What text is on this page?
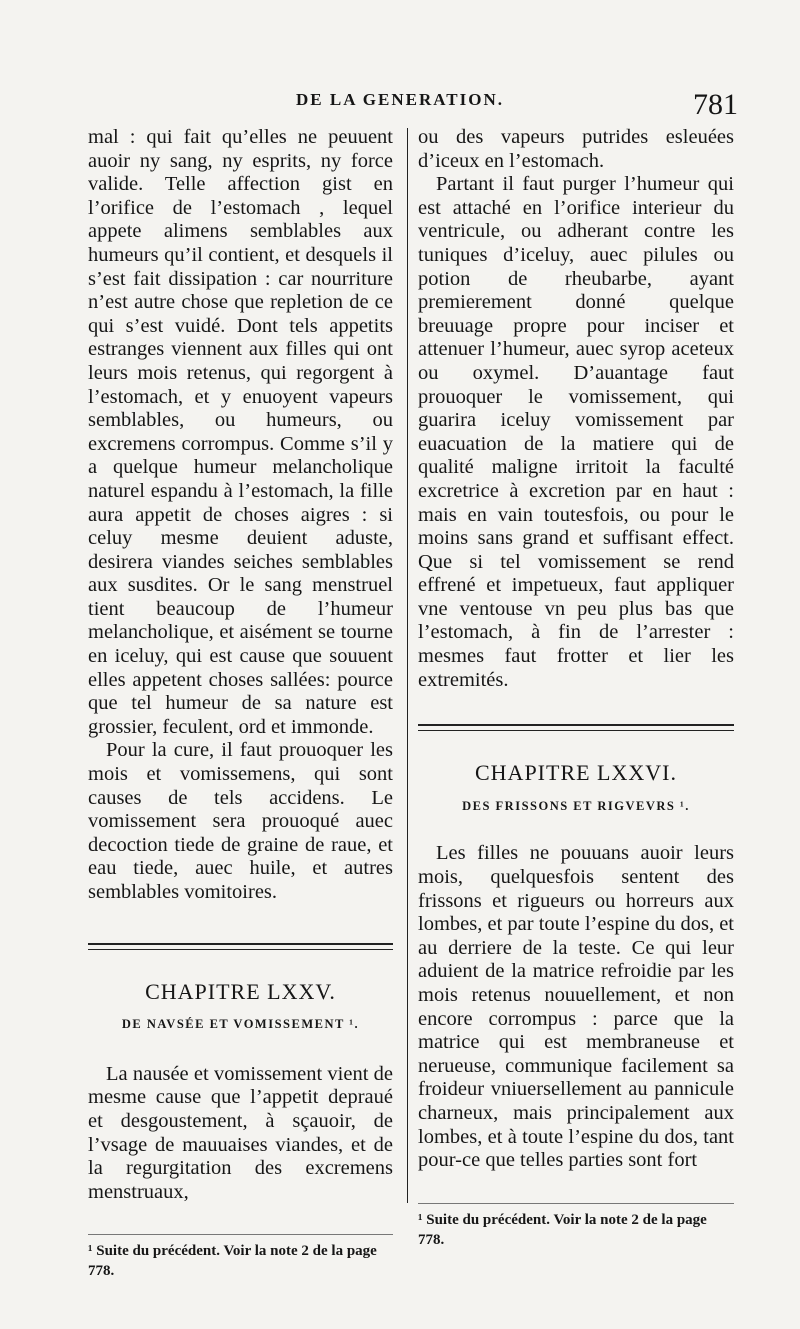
DE LA GENERATION.	781

mal : qui fait qu’elles ne peuuent auoir ny sang, ny esprits, ny force valide. Telle affection gist en l’orifice de l’estomach , lequel appete alimens semblables aux humeurs qu’il contient, et desquels il s’est fait dissipation : car nourriture n’est autre chose que repletion de ce qui s’est vuidé. Dont tels appetits estranges viennent aux filles qui ont leurs mois retenus, qui regorgent à l’estomach, et y enuoyent vapeurs semblables, ou humeurs, ou excremens corrompus. Comme s’il y a quelque humeur melancholique naturel espandu à l’estomach, la fille aura appetit de choses aigres : si celuy mesme deuient aduste, desirera viandes seiches semblables aux susdites. Or le sang menstruel tient beaucoup de l’humeur melancholique, et aisément se tourne en iceluy, qui est cause que souuent elles appetent choses sallées: pource que tel humeur de sa nature est grossier, feculent, ord et immonde.

Pour la cure, il faut prouoquer les mois et vomissemens, qui sont causes de tels accidens. Le vomissement sera prouoqué auec decoction tiede de graine de raue, et eau tiede, auec huile, et autres semblables vomitoires.

CHAPITRE LXXV.

DE NAVSÉE ET VOMISSEMENT ¹.

La nausée et vomissement vient de mesme cause que l’appetit depraué et desgoustement, à sçauoir, de l’vsage de mauuaises viandes, et de la regurgitation des excremens menstruaux,

¹ Suite du précédent. Voir la note 2 de la page 778.

ou des vapeurs putrides esleuées d’iceux en l’estomach.

Partant il faut purger l’humeur qui est attaché en l’orifice interieur du ventricule, ou adherant contre les tuniques d’iceluy, auec pilules ou potion de rheubarbe, ayant premierement donné quelque breuuage propre pour inciser et attenuer l’humeur, auec syrop aceteux ou oxymel. D’auantage faut prouoquer le vomissement, qui guarira iceluy vomissement par euacuation de la matiere qui de qualité maligne irritoit la faculté excretrice à excretion par en haut : mais en vain toutesfois, ou pour le moins sans grand et suffisant effect. Que si tel vomissement se rend effrené et impetueux, faut appliquer vne ventouse vn peu plus bas que l’estomach, à fin de l’arrester : mesmes faut frotter et lier les extremités.

CHAPITRE LXXVI.

DES FRISSONS ET RIGVEVRS ¹.

Les filles ne pouuans auoir leurs mois, quelquesfois sentent des frissons et rigueurs ou horreurs aux lombes, et par toute l’espine du dos, et au derriere de la teste. Ce qui leur aduient de la matrice refroidie par les mois retenus nouuellement, et non encore corrompus : parce que la matrice qui est membraneuse et nerueuse, communique facilement sa froideur vniuersellement au pannicule charneux, mais principalement aux lombes, et à toute l’espine du dos, tant pour-ce que telles parties sont fort

¹ Suite du précédent. Voir la note 2 de la page 778.
